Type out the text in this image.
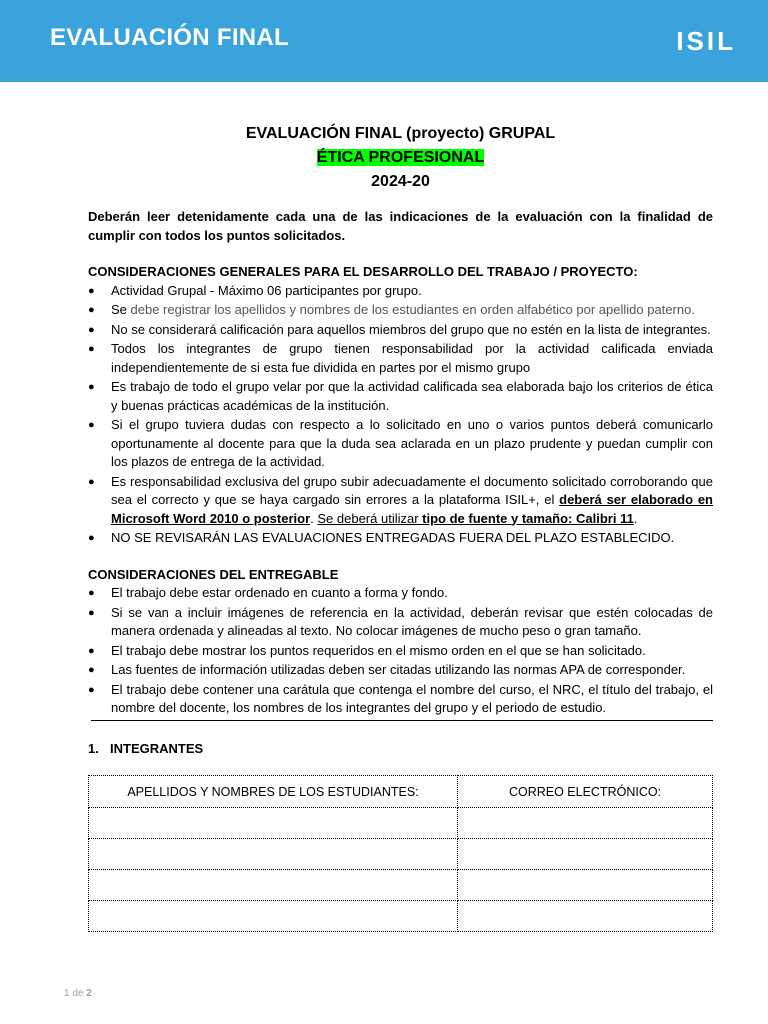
EVALUACIÓN FINAL	ISIL
EVALUACIÓN FINAL (proyecto) GRUPAL
ÉTICA PROFESIONAL
2024-20
Deberán leer detenidamente cada una de las indicaciones de la evaluación con la finalidad de cumplir con todos los puntos solicitados.
CONSIDERACIONES GENERALES PARA EL DESARROLLO DEL TRABAJO / PROYECTO:
● Actividad Grupal - Máximo 06 participantes por grupo.
● Se debe registrar los apellidos y nombres de los estudiantes en orden alfabético por apellido paterno.
● No se considerará calificación para aquellos miembros del grupo que no estén en la lista de integrantes.
● Todos los integrantes de grupo tienen responsabilidad por la actividad calificada enviada independientemente de si esta fue dividida en partes por el mismo grupo
● Es trabajo de todo el grupo velar por que la actividad calificada sea elaborada bajo los criterios de ética y buenas prácticas académicas de la institución.
● Si el grupo tuviera dudas con respecto a lo solicitado en uno o varios puntos deberá comunicarlo oportunamente al docente para que la duda sea aclarada en un plazo prudente y puedan cumplir con los plazos de entrega de la actividad.
● Es responsabilidad exclusiva del grupo subir adecuadamente el documento solicitado corroborando que sea el correcto y que se haya cargado sin errores a la plataforma ISIL+, el deberá ser elaborado en Microsoft Word 2010 o posterior. Se deberá utilizar tipo de fuente y tamaño: Calibri 11.
● NO SE REVISARÁN LAS EVALUACIONES ENTREGADAS FUERA DEL PLAZO ESTABLECIDO.
CONSIDERACIONES DEL ENTREGABLE
● El trabajo debe estar ordenado en cuanto a forma y fondo.
● Si se van a incluir imágenes de referencia en la actividad, deberán revisar que estén colocadas de manera ordenada y alineadas al texto. No colocar imágenes de mucho peso o gran tamaño.
● El trabajo debe mostrar los puntos requeridos en el mismo orden en el que se han solicitado.
● Las fuentes de información utilizadas deben ser citadas utilizando las normas APA de corresponder.
● El trabajo debe contener una carátula que contenga el nombre del curso, el NRC, el título del trabajo, el nombre del docente, los nombres de los integrantes del grupo y el periodo de estudio.
1. INTEGRANTES
APELLIDOS Y NOMBRES DE LOS ESTUDIANTES:	CORREO ELECTRÓNICO:

1 de 2
